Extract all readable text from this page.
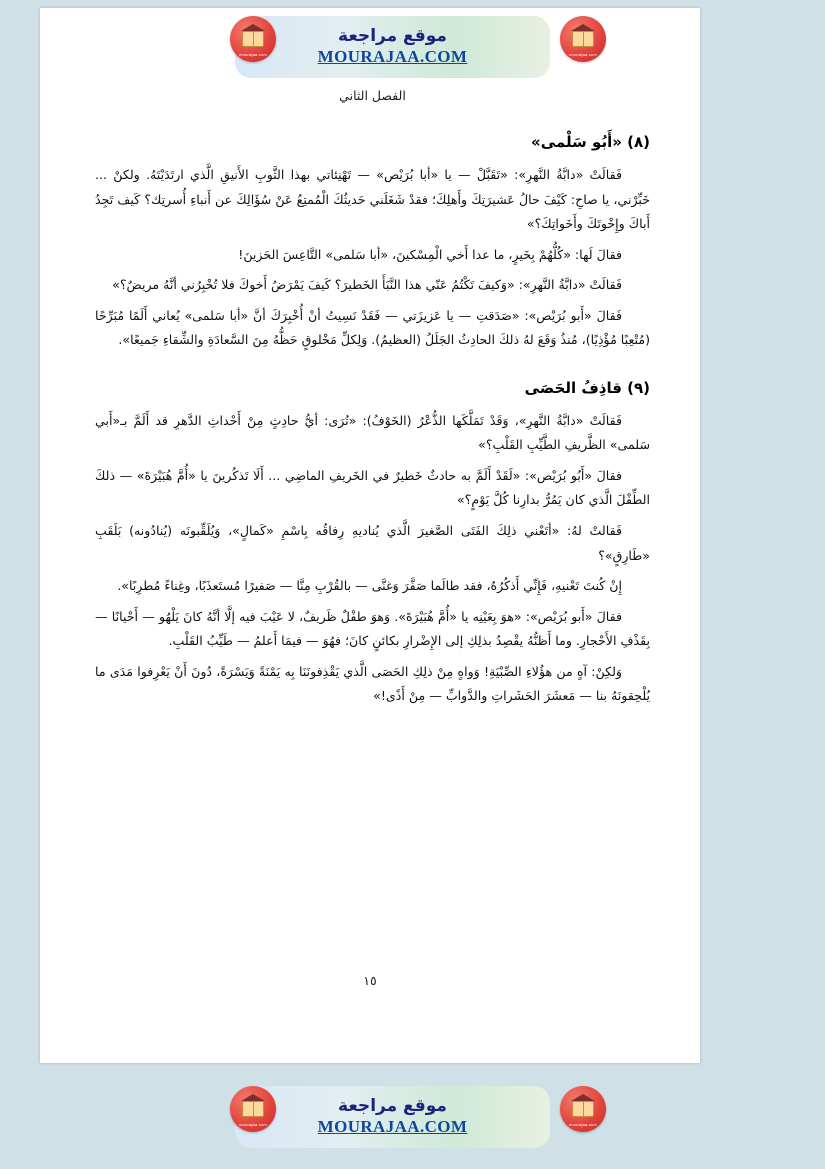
الفصل الثاني
(٨) «أَبُو سَلْمى»

فَقالَتْ «دابَّةُ النَّهرِ»: «تَقَبَّلْ — يا «أبا بُرَيْص» — تَهْنِئاتي بهذا الثَّوبِ الأَنيقِ الَّذي ارتَدَيْتَهُ. ولكنْ ... خَبِّرْني، يا صاحِ: كَيْفَ حالُ عَشيرَتِكَ وأَهلِكَ؛ فقدْ شَغَلَني حَديثُكَ الْمُمتِعُ عَنْ سُؤَالِكَ عن أَنباءِ أُسرتِك؟ كَيف تَجِدُ أَباكَ وإِخْوتَكَ وأَخَواتِكَ؟»

فقالَ لَها: «كُلُّهُمْ بِخَيرٍ، ما عدا أَخي الْمِسْكينَ، «أبا سَلمى» التَّاعِسَ الحَزينَ!

فَقالَتْ «دابَّةُ النَّهرِ»: «وَكيفَ تَكْتُمُ عَنّي هذا النَّبَأَ الخَطيرَ؟ كَيفَ يَمْرَضُ أَخوكَ فلا تُخْبِرُني أنَّهُ مريضٌ؟»

فَقالَ «أَبو بُرَيْص»: «صَدَقتِ — يا عَزيزَتي — فَقَدْ نَسِيتُ أنْ أُخْبِرَكَ أنَّ «أبا سَلمى» يُعاني أَلَمًا مُبَرِّحًا (مُتْعِبًا مُؤْذِيًا)، مُنذُ وَقَعَ لهُ ذلكَ الحادِثُ الجَلَلُ (العظيمُ). وَلِكلِّ مَخْلوقٍ حَظُّهُ مِنَ السَّعادَةِ والشِّقاءِ جَميعًا».

(٩) قاذِفُ الحَصَى

فَقالَتْ «دابَّةُ النَّهرِ»، وَقَدْ تَمَلَّكَها الذُّعْرُ (الخَوْفُ): «تُرَى: أيُّ حادِثٍ مِنْ أَحْداثِ الدَّهرِ قد أَلَمَّ بـ«أَبي سَلمى» الظَّريفِ الطَّيِّبِ القَلْبِ؟»

فقالَ «أَبُو بُرَيْص»: «لَقَدْ أَلَمَّ به حادثٌ خَطيرٌ في الخَريفِ الماضِي ... أَلَا تَذكُرينَ يا «أُمَّ هُبَيْرَةَ» — ذلكَ الطِّفْلَ الَّذي كان يَمُرُّ بدارِنا كُلَّ يَوْمٍ؟»

فَقالتْ لهُ: «أتَعْني ذلِكَ الفَتَى الصَّغيرَ الَّذي يُناديهِ رِفاقُه بِاسْمِ «كَمالٍ»، وَيُلَقِّبونَه (يُنادُونه) بَلَقَبِ «طَارِقٍ»؟

إِنْ كُنتَ تَعْنيهِ، فَإِنِّي أَذكُرُهُ، فقد طالَما صَفَّرَ وَغنَّى — بالقُرْبِ مِنَّا — صَفيرًا مُستَعذَبًا، وغِناءً مُطرِبًا».

فقالَ «أَبو بُرَيْص»: «هوَ بِعَيْنِه يا «أُمَّ هُبَيْرَةَ». وَهوَ طفْلٌ ظَريفٌ، لا عَيْبَ فيه إلَّا أنَّهُ كانَ يَلْهُو — أَحْيانًا — بِقَذْفِ الأَحْجارِ. وما أَظنُّهُ يقْصِدُ بذلِكِ إلى الإِضْرارِ بكائنٍ كانَ؛ فهُوَ — فيمَا أَعلمُ — طَيِّبُ القَلْبِ.

وَلكِنْ: آهٍ من هؤُلاءِ الصِّبْيَةِ! وَواهٍ مِنْ ذلِكِ الحَصَى الَّذي يَقْذِفونَنَا بِه يَمْنَةً وَيَسْرَةً، دُونَ أَنْ يَعْرِفوا مَدَى ما يُلْحِقونَهُ بنا — مَعشَرَ الحَشَراتِ والدَّوابِّ — مِنْ أَذًى!»

١٥
موقع مراجعة
MOURAJAA.COM
mourajaa.com	mourajaa.com
موقع مراجعة
MOURAJAA.COM
mourajaa.com	mourajaa.com
